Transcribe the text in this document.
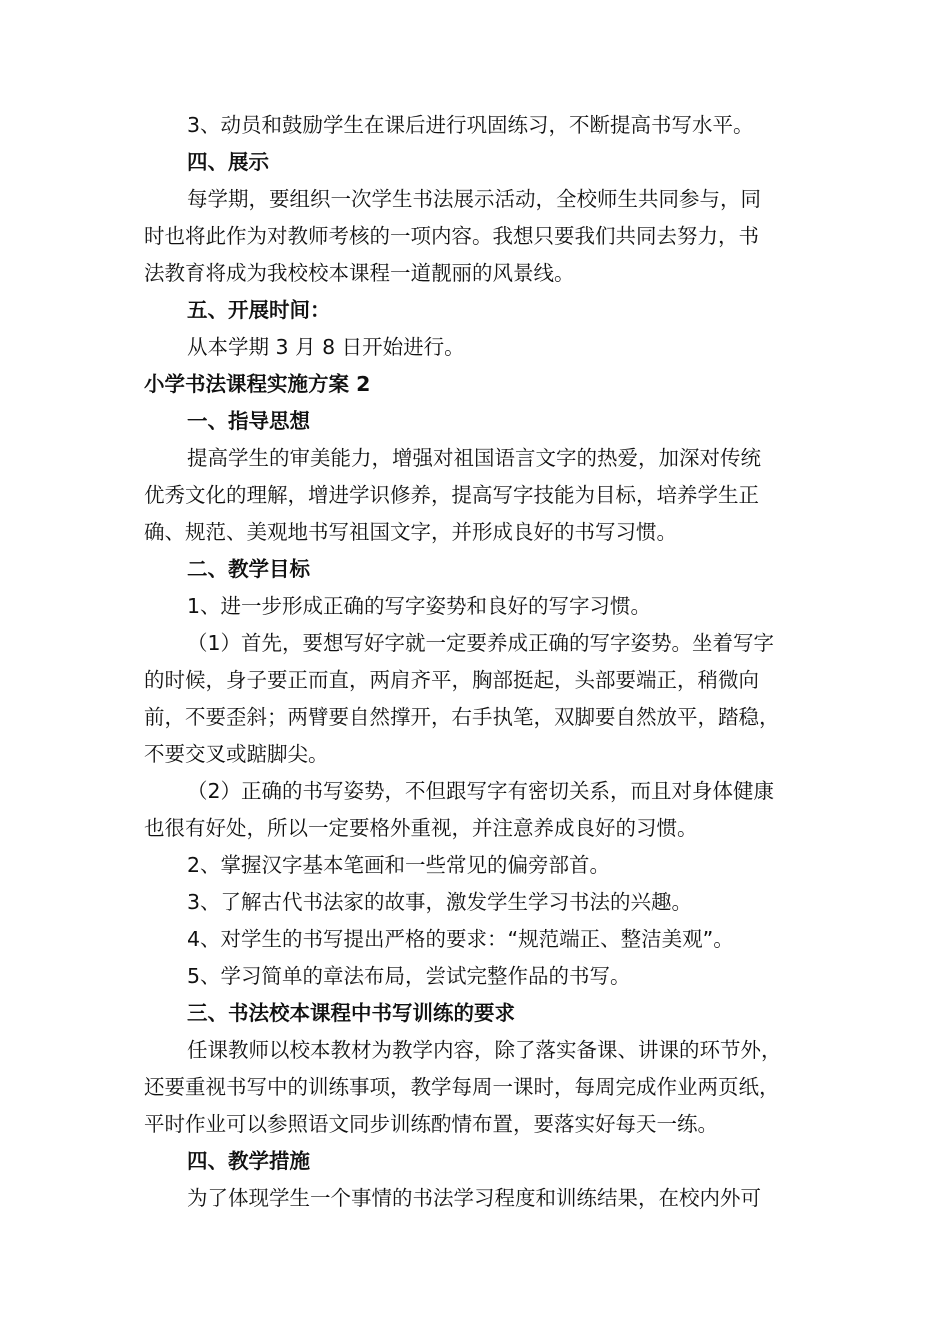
3、动员和鼓励学生在课后进行巩固练习，不断提高书写水平。
四、展示
每学期，要组织一次学生书法展示活动，全校师生共同参与，同
时也将此作为对教师考核的一项内容。我想只要我们共同去努力，书
法教育将成为我校校本课程一道靓丽的风景线。
五、开展时间：
从本学期 3 月 8 日开始进行。
小学书法课程实施方案 2
一、指导思想
提高学生的审美能力，增强对祖国语言文字的热爱，加深对传统
优秀文化的理解，增进学识修养，提高写字技能为目标，培养学生正
确、规范、美观地书写祖国文字，并形成良好的书写习惯。
二、教学目标
1、进一步形成正确的写字姿势和良好的写字习惯。
（1）首先，要想写好字就一定要养成正确的写字姿势。坐着写字
的时候，身子要正而直，两肩齐平，胸部挺起，头部要端正，稍微向
前，不要歪斜；两臂要自然撑开，右手执笔，双脚要自然放平，踏稳，
不要交叉或踮脚尖。
（2）正确的书写姿势，不但跟写字有密切关系，而且对身体健康
也很有好处，所以一定要格外重视，并注意养成良好的习惯。
2、掌握汉字基本笔画和一些常见的偏旁部首。
3、了解古代书法家的故事，激发学生学习书法的兴趣。
4、对学生的书写提出严格的要求：“规范端正、整洁美观”。
5、学习简单的章法布局，尝试完整作品的书写。
三、书法校本课程中书写训练的要求
任课教师以校本教材为教学内容，除了落实备课、讲课的环节外，
还要重视书写中的训练事项，教学每周一课时，每周完成作业两页纸，
平时作业可以参照语文同步训练酌情布置，要落实好每天一练。
四、教学措施
为了体现学生一个事情的书法学习程度和训练结果，在校内外可
